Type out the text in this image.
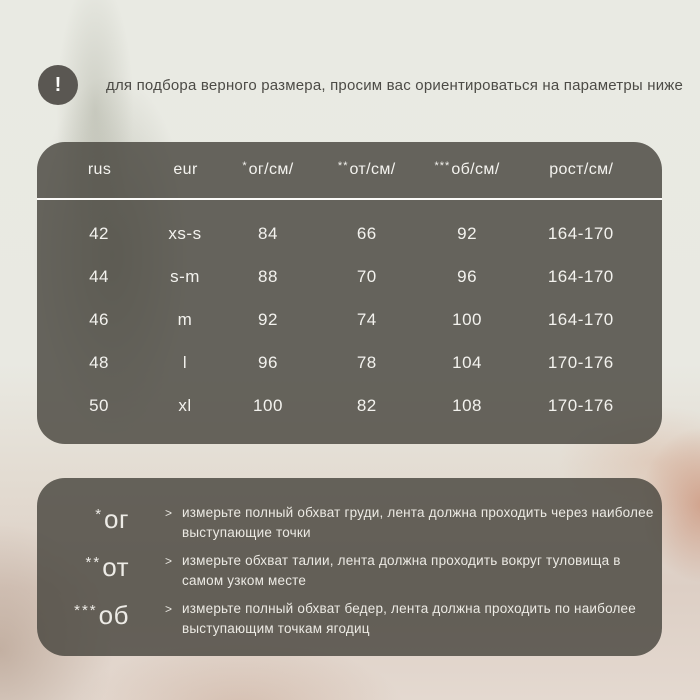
!	для подбора верного размера, просим вас ориентироваться на параметры ниже

rus	eur	*ог/см/	**от/см/	***об/см/	рост/см/
42	xs-s	84	66	92	164-170
44	s-m	88	70	96	164-170
46	m	92	74	100	164-170
48	l	96	78	104	170-176
50	xl	100	82	108	170-176
*ог	> измерьте полный обхват груди, лента должна проходить через наиболее
выступающие точки
**от	> измерьте обхват талии, лента должна проходить вокруг туловища в
самом узком месте
***об	> измерьте полный обхват бедер, лента должна проходить по наиболее
выступающим точкам ягодиц
